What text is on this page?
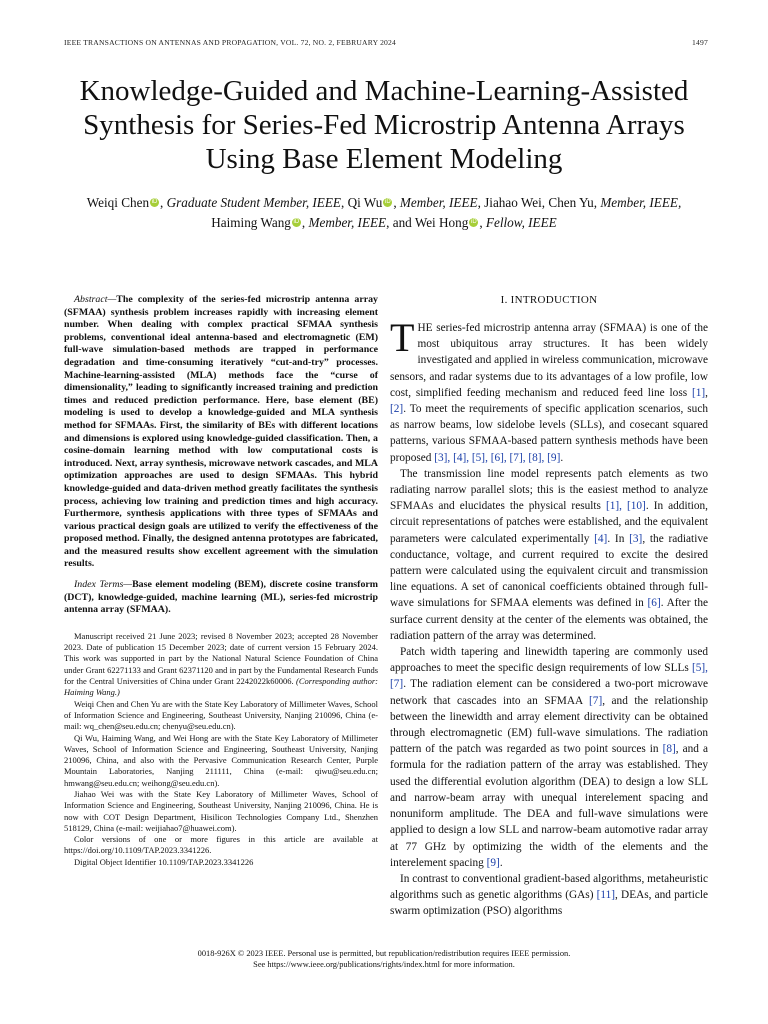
IEEE TRANSACTIONS ON ANTENNAS AND PROPAGATION, VOL. 72, NO. 2, FEBRUARY 2024	1497
Knowledge-Guided and Machine-Learning-Assisted
Synthesis for Series-Fed Microstrip Antenna Arrays
Using Base Element Modeling
Weiqi Chen iD , Graduate Student Member, IEEE, Qi Wu iD , Member, IEEE, Jiahao Wei, Chen Yu, Member, IEEE,
Haiming Wang iD , Member, IEEE, and Wei Hong iD , Fellow, IEEE

Abstract—The complexity of the series-fed microstrip antenna array (SFMAA) synthesis problem increases rapidly with increasing element number. When dealing with complex practical SFMAA synthesis problems, conventional ideal antenna-based and electromagnetic (EM) full-wave simulation-based methods are trapped in performance degradation and time-consuming iteratively “cut-and-try” processes. Machine-learning-assisted (MLA) methods face the “curse of dimensionality,” leading to significantly increased training and prediction times and reduced prediction performance. Here, base element (BE) modeling is used to develop a knowledge-guided and MLA synthesis method for SFMAAs. First, the similarity of BEs with different locations and dimensions is explored using knowledge-guided classification. Then, a cosine-domain learning method with low computational costs is introduced. Next, array synthesis, microwave network cascades, and MLA optimization approaches are used to design SFMAAs. This hybrid knowledge-guided and data-driven method greatly facilitates the synthesis process, achieving low training and prediction times and high accuracy. Furthermore, synthesis applications with three types of SFMAAs and various practical design goals are utilized to verify the effectiveness of the proposed method. Finally, the designed antenna prototypes are fabricated, and the measured results show excellent agreement with the simulation results.

Index Terms—Base element modeling (BEM), discrete cosine transform (DCT), knowledge-guided, machine learning (ML), series-fed microstrip antenna array (SFMAA).

Manuscript received 21 June 2023; revised 8 November 2023; accepted 28 November 2023. Date of publication 15 December 2023; date of current version 15 February 2024. This work was supported in part by the National Natural Science Foundation of China under Grant 62271133 and Grant 62371120 and in part by the Fundamental Research Funds for the Central Universities of China under Grant 2242022k60006. (Corresponding author: Haiming Wang.)

Weiqi Chen and Chen Yu are with the State Key Laboratory of Millimeter Waves, School of Information Science and Engineering, Southeast University, Nanjing 210096, China (e-mail: wq_chen@seu.edu.cn; chenyu@seu.edu.cn).

Qi Wu, Haiming Wang, and Wei Hong are with the State Key Laboratory of Millimeter Waves, School of Information Science and Engineering, Southeast University, Nanjing 210096, China, and also with the Pervasive Communication Research Center, Purple Mountain Laboratories, Nanjing 211111, China (e-mail: qiwu@seu.edu.cn; hmwang@seu.edu.cn; weihong@seu.edu.cn).

Jiahao Wei was with the State Key Laboratory of Millimeter Waves, School of Information Science and Engineering, Southeast University, Nanjing 210096, China. He is now with COT Design Department, Hisilicon Technologies Company Ltd., Shenzhen 518129, China (e-mail: weijiahao7@huawei.com).

Color versions of one or more figures in this article are available at https://doi.org/10.1109/TAP.2023.3341226.

Digital Object Identifier 10.1109/TAP.2023.3341226

I. INTRODUCTION

THE series-fed microstrip antenna array (SFMAA) is one of the most ubiquitous array structures. It has been widely investigated and applied in wireless communication, microwave sensors, and radar systems due to its advantages of a low profile, low cost, simplified feeding mechanism and reduced feed line loss [1], [2]. To meet the requirements of specific application scenarios, such as narrow beams, low sidelobe levels (SLLs), and cosecant squared patterns, various SFMAA-based pattern synthesis methods have been proposed [3], [4], [5], [6], [7], [8], [9].

The transmission line model represents patch elements as two radiating narrow parallel slots; this is the easiest method to analyze SFMAAs and elucidates the physical results [1], [10]. In addition, circuit representations of patches were established, and the equivalent parameters were calculated experimentally [4]. In [3], the radiative conductance, voltage, and current required to excite the desired pattern were calculated using the equivalent circuit and transmission line equations. A set of canonical coefficients obtained through full-wave simulations for SFMAA elements was defined in [6]. After the surface current density at the center of the elements was obtained, the radiation pattern of the array was determined.

Patch width tapering and linewidth tapering are commonly used approaches to meet the specific design requirements of low SLLs [5], [7]. The radiation element can be considered a two-port microwave network that cascades into an SFMAA [7], and the relationship between the linewidth and array element directivity can be obtained through electromagnetic (EM) full-wave simulations. The radiation pattern of the patch was regarded as two point sources in [8], and a formula for the radiation pattern of the array was established. They used the differential evolution algorithm (DEA) to design a low SLL and narrow-beam array with unequal interelement spacing and nonuniform amplitude. The DEA and full-wave simulations were applied to design a low SLL and narrow-beam automotive radar array at 77 GHz by optimizing the width of the elements and the interelement spacing [9].

In contrast to conventional gradient-based algorithms, metaheuristic algorithms such as genetic algorithms (GAs) [11], DEAs, and particle swarm optimization (PSO) algorithms

0018-926X © 2023 IEEE. Personal use is permitted, but republication/redistribution requires IEEE permission.
See https://www.ieee.org/publications/rights/index.html for more information.
